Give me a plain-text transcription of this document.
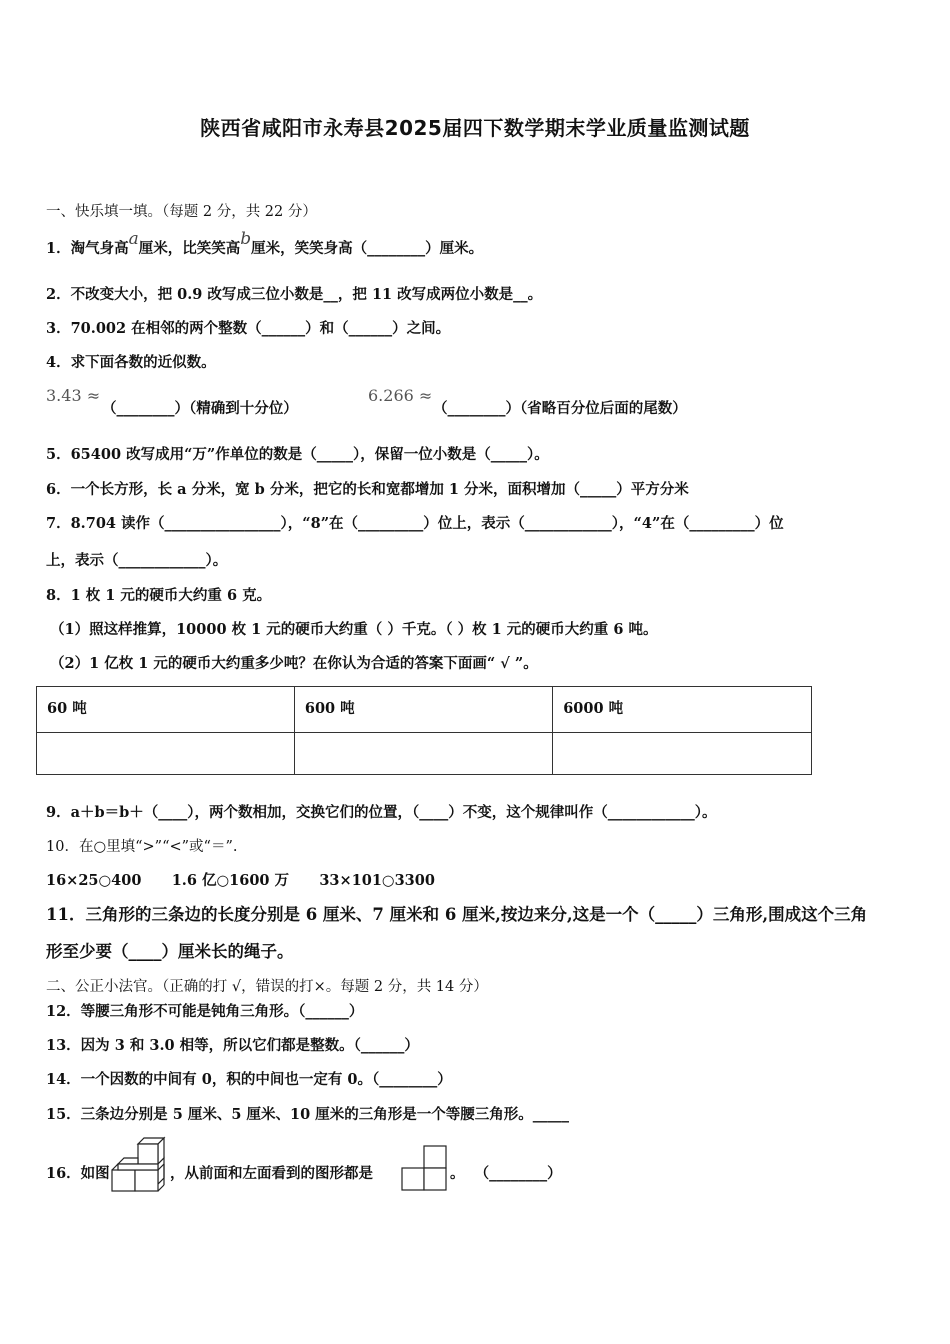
陕西省咸阳市永寿县2025届四下数学期末学业质量监测试题
一、快乐填一填。（每题 2 分，共 22 分）
1．淘气身高a厘米，比笑笑高b厘米，笑笑身高（________）厘米。
2．不改变大小，把 0.9 改写成三位小数是__，把 11 改写成两位小数是__。
3．70.002 在相邻的两个整数（______）和（______）之间。
4．求下面各数的近似数。
3.43 ≈
（________）（精确到十分位）
6.266 ≈
（________）（省略百分位后面的尾数）
5．65400 改写成用“万”作单位的数是（_____），保留一位小数是（_____）。
6．一个长方形，长 a 分米，宽 b 分米，把它的长和宽都增加 1 分米，面积增加（_____）平方分米
7．8.704 读作（________________），“8”在（_________）位上，表示（____________），“4”在（_________）位
上，表示（____________）。
8．1 枚 1 元的硬币大约重 6 克。
（1）照这样推算，10000 枚 1 元的硬币大约重（ ）千克。（ ）枚 1 元的硬币大约重 6 吨。
（2）1 亿枚 1 元的硬币大约重多少吨？在你认为合适的答案下面画“ √ ”。
60 吨	600 吨	6000 吨

9．a＋b＝b＋（____），两个数相加，交换它们的位置，（____）不变，这个规律叫作（____________）。
10．在○里填“>”“<”或“＝”.
16×25○400      1.6 亿○1600 万      33×101○3300
11．三角形的三条边的长度分别是 6 厘米、7 厘米和 6 厘米,按边来分,这是一个（_____）三角形,围成这个三角
形至少要（____）厘米长的绳子。
二、公正小法官。（正确的打 √，错误的打×。每题 2 分，共 14 分）
12．等腰三角形不可能是钝角三角形。（______）
13．因为 3 和 3.0 相等，所以它们都是整数。（______）
14．一个因数的中间有 0，积的中间也一定有 0。（________）
15．三条边分别是 5 厘米、5 厘米、10 厘米的三角形是一个等腰三角形。_____
16．如图	，从前面和左面看到的图形都是	。  （________）
